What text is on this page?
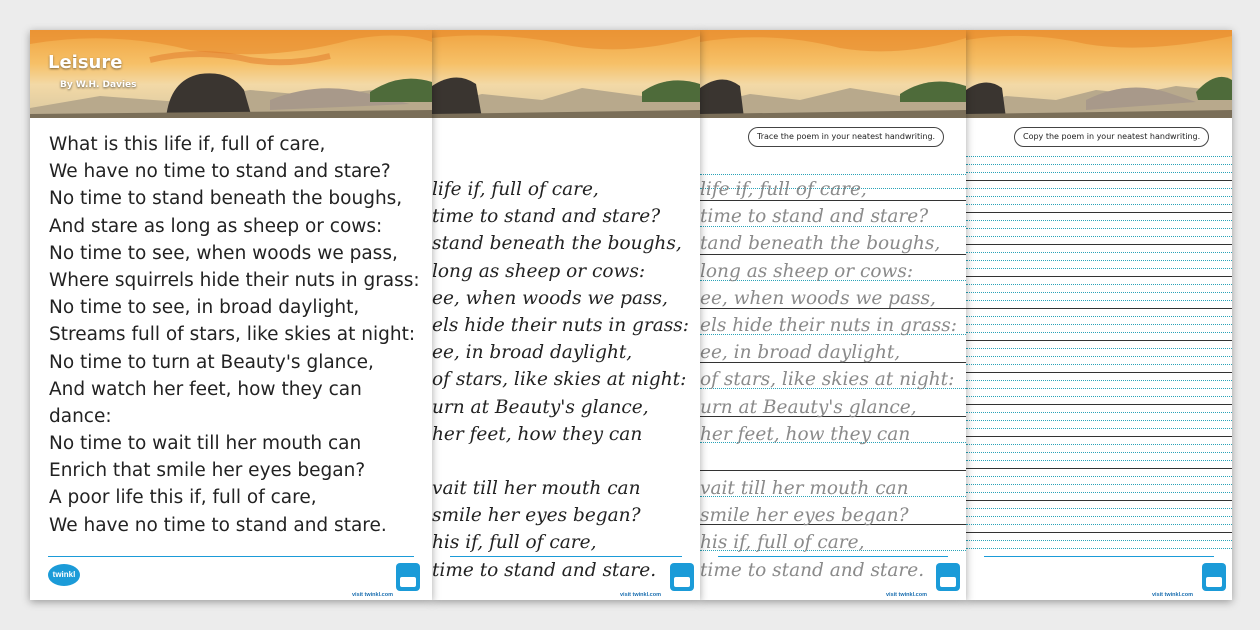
Copy the poem in your neatest handwriting.
visit twinkl.com
Trace the poem in your neatest handwriting.
life if, full of care,
time to stand and stare?
tand beneath the boughs,
long as sheep or cows:
ee, when woods we pass,
els hide their nuts in grass:
ee, in broad daylight,
of stars, like skies at night:
urn at Beauty's glance,
her feet, how they can
vait till her mouth can
smile her eyes began?
his if, full of care,
time to stand and stare.
visit twinkl.com
life if, full of care,
time to stand and stare?
stand beneath the boughs,
long as sheep or cows:
ee, when woods we pass,
els hide their nuts in grass:
ee, in broad daylight,
of stars, like skies at night:
urn at Beauty's glance,
her feet, how they can
vait till her mouth can
smile her eyes began?
his if, full of care,
time to stand and stare.
visit twinkl.com
Leisure
By W.H. Davies
What is this life if, full of care,
We have no time to stand and stare?
No time to stand beneath the boughs,
And stare as long as sheep or cows:
No time to see, when woods we pass,
Where squirrels hide their nuts in grass:
No time to see, in broad daylight,
Streams full of stars, like skies at night:
No time to turn at Beauty's glance,
And watch her feet, how they can
dance:
No time to wait till her mouth can
Enrich that smile her eyes began?
A poor life this if, full of care,
We have no time to stand and stare.
twinkl
visit twinkl.com
